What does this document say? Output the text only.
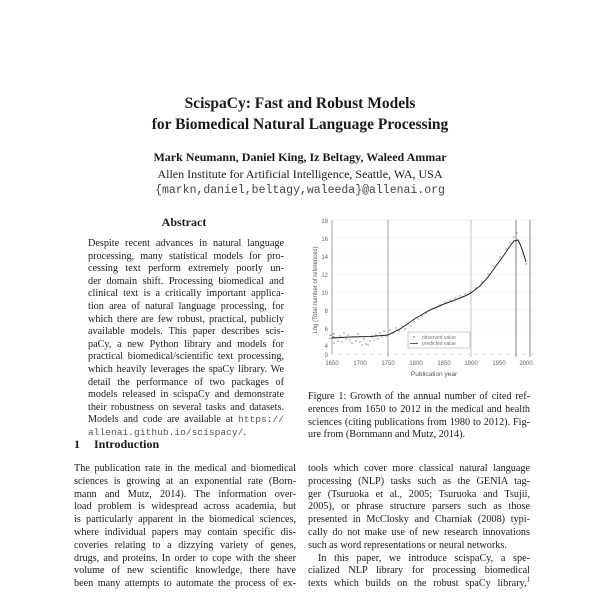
ScispaCy: Fast and Robust Models
for Biomedical Natural Language Processing
Mark Neumann, Daniel King, Iz Beltagy, Waleed Ammar
Allen Institute for Artificial Intelligence, Seattle, WA, USA
{markn,daniel,beltagy,waleeda}@allenai.org
Abstract
Despite recent advances in natural language
processing, many statistical models for pro-
cessing text perform extremely poorly un-
der domain shift. Processing biomedical and
clinical text is a critically important applica-
tion area of natural language processing, for
which there are few robust, practical, publicly
available models. This paper describes scis-
paCy, a new Python library and models for
practical biomedical/scientific text processing,
which heavily leverages the spaCy library. We
detail the performance of two packages of
models released in scispaCy and demonstrate
their robustness on several tasks and datasets.
Models and code are available at https://
allenai.github.io/scispacy/.
1 Introduction
The publication rate in the medical and biomedical
sciences is growing at an exponential rate (Born-
mann and Mutz, 2014). The information over-
load problem is widespread across academia, but
is particularly apparent in the biomedical sciences,
where individual papers may contain specific dis-
coveries relating to a dizzying variety of genes,
drugs, and proteins. In order to cope with the sheer
volume of new scientific knowledge, there have
been many attempts to automate the process of ex-
18
16
14
12
10
8
6
4
0
1650 1700 1750 1800 1850 1900 1950 2000
Publication year
Log (Total number of references)
observed value
predicted value
Figure 1: Growth of the annual number of cited ref-
erences from 1650 to 2012 in the medical and health
sciences (citing publications from 1980 to 2012). Fig-
ure from (Bornmann and Mutz, 2014).
tools which cover more classical natural language
processing (NLP) tasks such as the GENIA tag-
ger (Tsuruoka et al., 2005; Tsuruoka and Tsujii,
2005), or phrase structure parsers such as those
presented in McClosky and Charniak (2008) typi-
cally do not make use of new research innovations
such as word representations or neural networks.
In this paper, we introduce scispaCy, a spe-
cialized NLP library for processing biomedical
texts which builds on the robust spaCy library,$^1$
